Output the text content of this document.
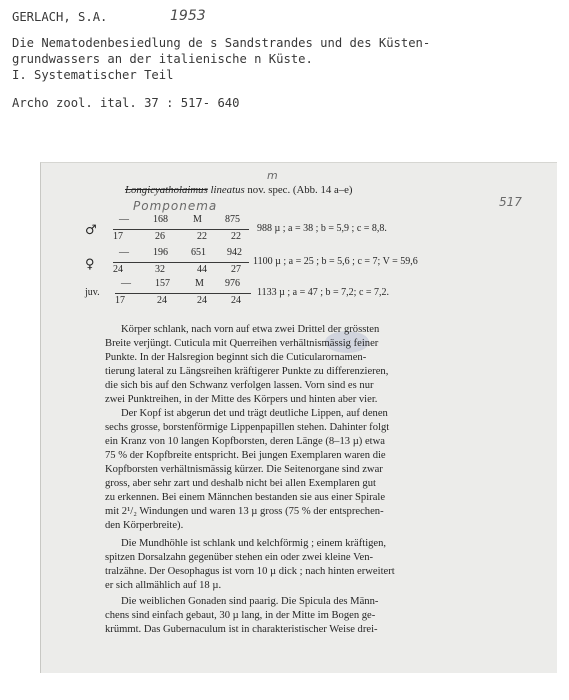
GERLACH, S.A.	1953
Die Nematodenbesiedlung de s Sandstrandes und des Küsten-
grundwassers an der italienische n Küste.
I. Systematischer Teil
Archo zool. ital. 37 : 517- 640
m
Longicyatholaimus lineatus nov. spec. (Abb. 14 a–e)
Pomponema	517
♂
— 168	M 875
17	26	22 22
988 µ ; a = 38 ; b = 5,9 ; c = 8,8.
♀
— 196 651 942
24	32	44 27
1100 µ ; a = 25 ; b = 5,6 ; c = 7; V = 59,6
juv.
— 157	M 976
17	24	24 24
1133 µ ; a = 47 ; b = 7,2; c = 7,2.
Körper schlank, nach vorn auf etwa zwei Drittel der grössten
Breite verjüngt. Cuticula mit Querreihen verhältnismässig feiner
Punkte. In der Halsregion beginnt sich die Cuticularornamen-
tierung lateral zu Längsreihen kräftigerer Punkte zu differenzieren,
die sich bis auf den Schwanz verfolgen lassen. Vorn sind es nur
zwei Punktreihen, in der Mitte des Körpers und hinten aber vier.
Der Kopf ist abgerun det und trägt deutliche Lippen, auf denen
sechs grosse, borstenförmige Lippenpapillen stehen. Dahinter folgt
ein Kranz von 10 langen Kopfborsten, deren Länge (8–13 µ) etwa
75 % der Kopfbreite entspricht. Bei jungen Exemplaren waren die
Kopfborsten verhältnismässig kürzer. Die Seitenorgane sind zwar
gross, aber sehr zart und deshalb nicht bei allen Exemplaren gut
zu erkennen. Bei einem Männchen bestanden sie aus einer Spirale
mit 2¹/₂ Windungen und waren 13 µ gross (75 % der entsprechen-
den Körperbreite).
Die Mundhöhle ist schlank und kelchförmig ; einem kräftigen,
spitzen Dorsalzahn gegenüber stehen ein oder zwei kleine Ven-
tralzähne. Der Oesophagus ist vorn 10 µ dick ; nach hinten erweitert
er sich allmählich auf 18 µ.
Die weiblichen Gonaden sind paarig. Die Spicula des Männ-
chens sind einfach gebaut, 30 µ lang, in der Mitte im Bogen ge-
krümmt. Das Gubernaculum ist in charakteristischer Weise drei-
